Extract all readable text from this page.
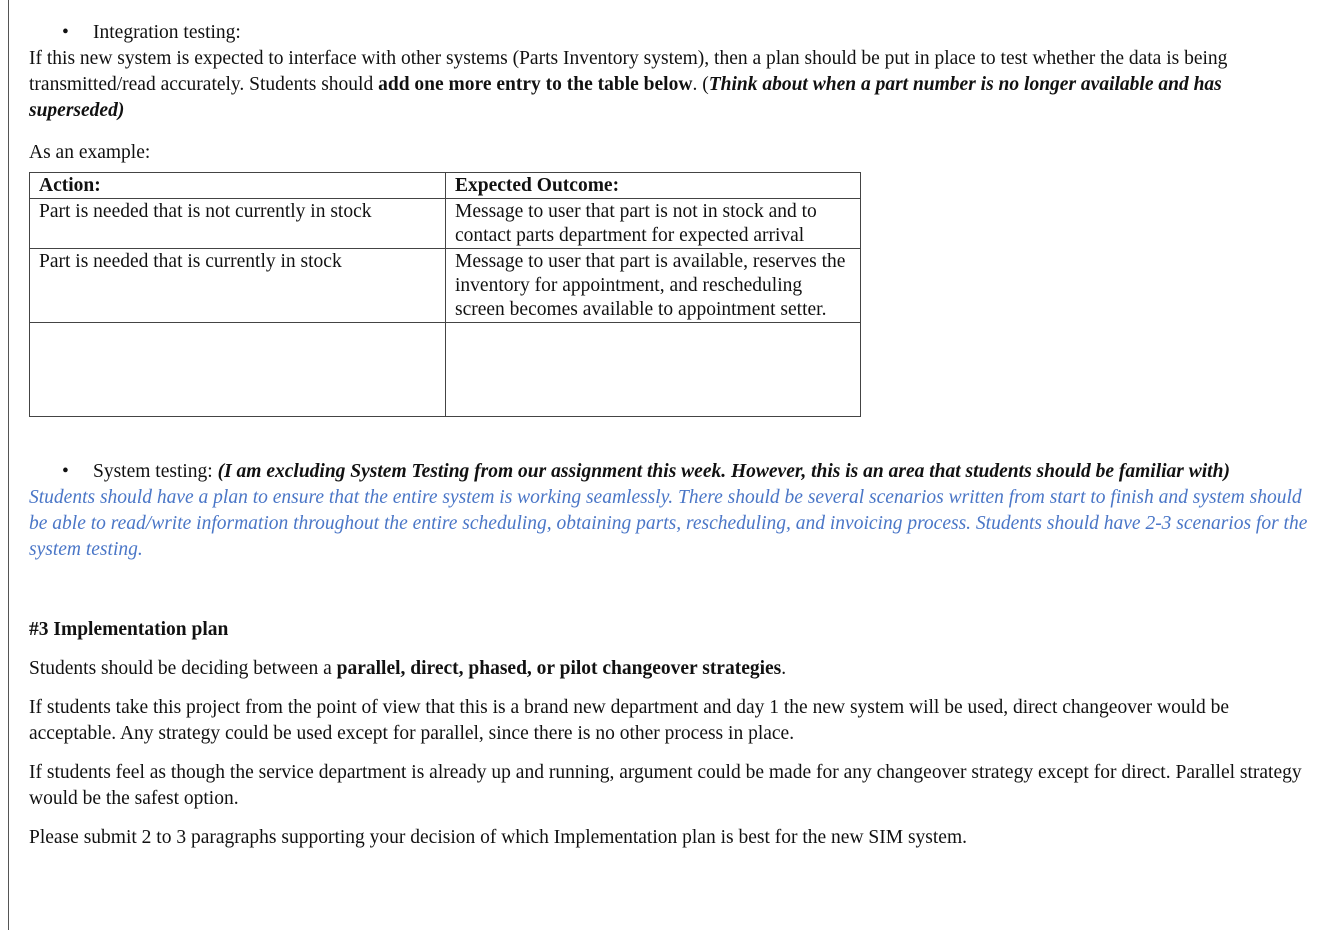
• Integration testing:

If this new system is expected to interface with other systems (Parts Inventory system), then a plan should be put in place to test whether the data is being transmitted/read accurately. Students should add one more entry to the table below. (Think about when a part number is no longer available and has superseded)

As an example:

Action:	Expected Outcome:
Part is needed that is not currently in stock	Message to user that part is not in stock and to contact parts department for expected arrival
Part is needed that is currently in stock	Message to user that part is available, reserves the inventory for appointment, and rescheduling screen becomes available to appointment setter.

• System testing: (I am excluding System Testing from our assignment this week. However, this is an area that students should be familiar with)

Students should have a plan to ensure that the entire system is working seamlessly. There should be several scenarios written from start to finish and system should be able to read/write information throughout the entire scheduling, obtaining parts, rescheduling, and invoicing process. Students should have 2-3 scenarios for the system testing.

#3 Implementation plan

Students should be deciding between a parallel, direct, phased, or pilot changeover strategies.

If students take this project from the point of view that this is a brand new department and day 1 the new system will be used, direct changeover would be acceptable. Any strategy could be used except for parallel, since there is no other process in place.

If students feel as though the service department is already up and running, argument could be made for any changeover strategy except for direct. Parallel strategy would be the safest option.

Please submit 2 to 3 paragraphs supporting your decision of which Implementation plan is best for the new SIM system.
